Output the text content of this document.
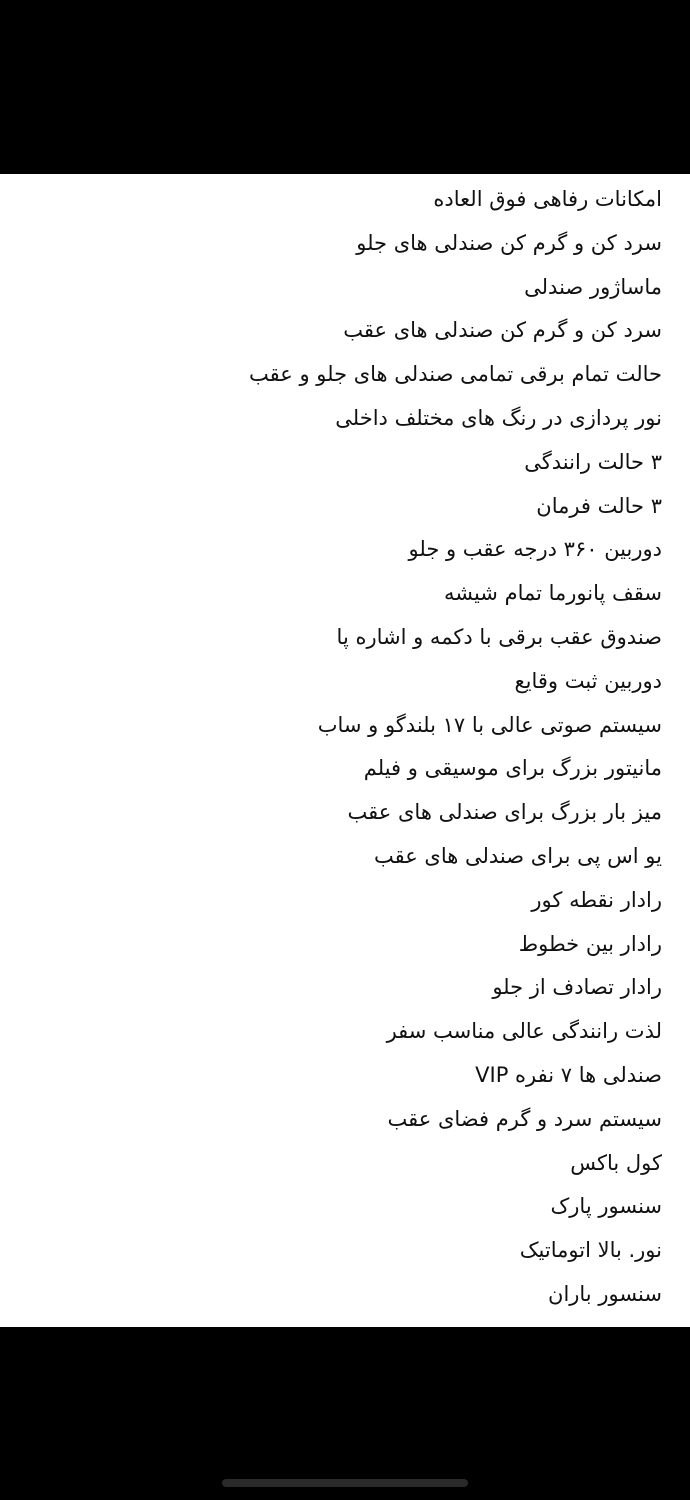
امکانات رفاهی فوق العاده
سرد کن و گرم کن صندلی های جلو
ماساژور صندلی
سرد کن و گرم کن صندلی های عقب
حالت تمام برقی تمامی صندلی های جلو و عقب
نور پردازی در رنگ های مختلف داخلی
۳ حالت رانندگی
۳ حالت فرمان
دوربین ۳۶۰ درجه عقب و جلو
سقف پانورما تمام شیشه
صندوق عقب برقی با دکمه و اشاره پا
دوربین ثبت وقایع
سیستم صوتی عالی با ۱۷ بلندگو و ساب
مانیتور بزرگ برای موسیقی و فیلم
میز بار بزرگ برای صندلی های عقب
یو اس پی برای صندلی های عقب
رادار نقطه کور
رادار بین خطوط
رادار تصادف از جلو
لذت رانندگی عالی مناسب سفر
صندلی ها ۷ نفره VIP
سیستم سرد و گرم فضای عقب
کول باکس
سنسور پارک
نور. بالا اتوماتیک
سنسور باران
